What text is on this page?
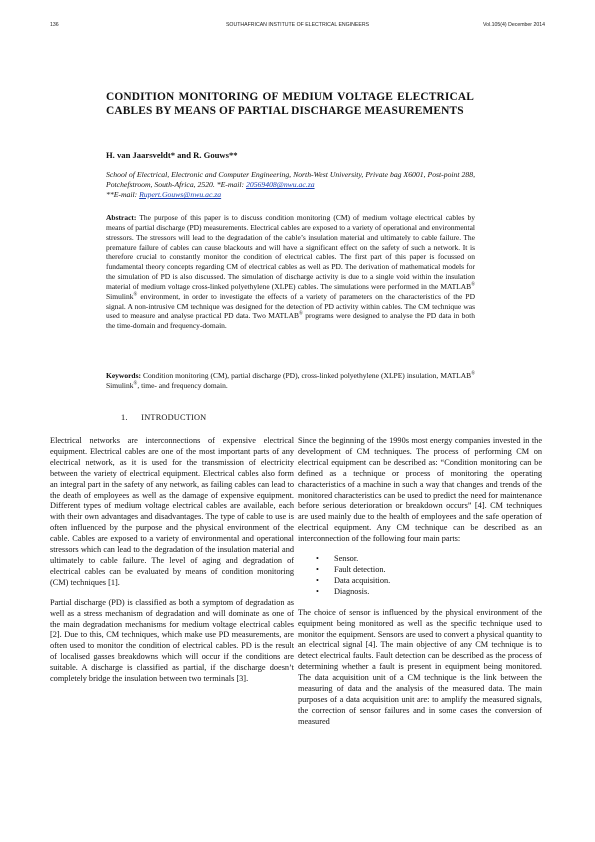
136	SOUTHAFRICAN INSTITUTE OF ELECTRICAL ENGINEERS	Vol.105(4) December 2014
CONDITION MONITORING OF MEDIUM VOLTAGE ELECTRICAL CABLES BY MEANS OF PARTIAL DISCHARGE MEASUREMENTS
H. van Jaarsveldt* and R. Gouws**
School of Electrical, Electronic and Computer Engineering, North-West University, Private bag X6001, Post-point 288, Potchefstroom, South-Africa, 2520. *E-mail: 20569408@nwu.ac.za
**E-mail: Rupert.Gouws@nwu.ac.za
Abstract: The purpose of this paper is to discuss condition monitoring (CM) of medium voltage electrical cables by means of partial discharge (PD) measurements. Electrical cables are exposed to a variety of operational and environmental stressors. The stressors will lead to the degradation of the cable’s insulation material and ultimately to cable failure. The premature failure of cables can cause blackouts and will have a significant effect on the safety of such a network. It is therefore crucial to constantly monitor the condition of electrical cables. The first part of this paper is focussed on fundamental theory concepts regarding CM of electrical cables as well as PD. The derivation of mathematical models for the simulation of PD is also discussed. The simulation of discharge activity is due to a single void within the insulation material of medium voltage cross-linked polyethylene (XLPE) cables. The simulations were performed in the MATLAB® Simulink® environment, in order to investigate the effects of a variety of parameters on the characteristics of the PD signal. A non-intrusive CM technique was designed for the detection of PD activity within cables. The CM technique was used to measure and analyse practical PD data. Two MATLAB® programs were designed to analyse the PD data in both the time-domain and frequency-domain.
Keywords: Condition monitoring (CM), partial discharge (PD), cross-linked polyethylene (XLPE) insulation, MATLAB® Simulink®, time- and frequency domain.
1.      INTRODUCTION

Electrical networks are interconnections of expensive electrical equipment. Electrical cables are one of the most important parts of any electrical network, as it is used for the transmission of electricity between the variety of electrical equipment. Electrical cables also form an integral part in the safety of any network, as failing cables can lead to the death of employees as well as the damage of expensive equipment. Different types of medium voltage electrical cables are available, each with their own advantages and disadvantages. The type of cable to use is often influenced by the purpose and the physical environment of the cable. Cables are exposed to a variety of environmental and operational stressors which can lead to the degradation of the insulation material and ultimately to cable failure. The level of aging and degradation of electrical cables can be evaluated by means of condition monitoring (CM) techniques [1].

Partial discharge (PD) is classified as both a symptom of degradation as well as a stress mechanism of degradation and will dominate as one of the main degradation mechanisms for medium voltage electrical cables [2]. Due to this, CM techniques, which make use PD measurements, are often used to monitor the condition of electrical cables. PD is the result of localised gasses breakdowns which will occur if the conditions are suitable. A discharge is classified as partial, if the discharge doesn’t completely bridge the insulation between two terminals [3].

Since the beginning of the 1990s most energy companies invested in the development of CM techniques. The process of performing CM on electrical equipment can be described as: “Condition monitoring can be defined as a technique or process of monitoring the operating characteristics of a machine in such a way that changes and trends of the monitored characteristics can be used to predict the need for maintenance before serious deterioration or breakdown occurs” [4]. CM techniques are used mainly due to the health of employees and the safe operation of electrical equipment. Any CM technique can be described as an interconnection of the following four main parts:

• Sensor.
• Fault detection.
• Data acquisition.
• Diagnosis.

The choice of sensor is influenced by the physical environment of the equipment being monitored as well as the specific technique used to monitor the equipment. Sensors are used to convert a physical quantity to an electrical signal [4]. The main objective of any CM technique is to detect electrical faults. Fault detection can be described as the process of determining whether a fault is present in equipment being monitored. The data acquisition unit of a CM technique is the link between the measuring of data and the analysis of the measured data. The main purposes of a data acquisition unit are: to amplify the measured signals, the correction of sensor failures and in some cases the conversion of measured
